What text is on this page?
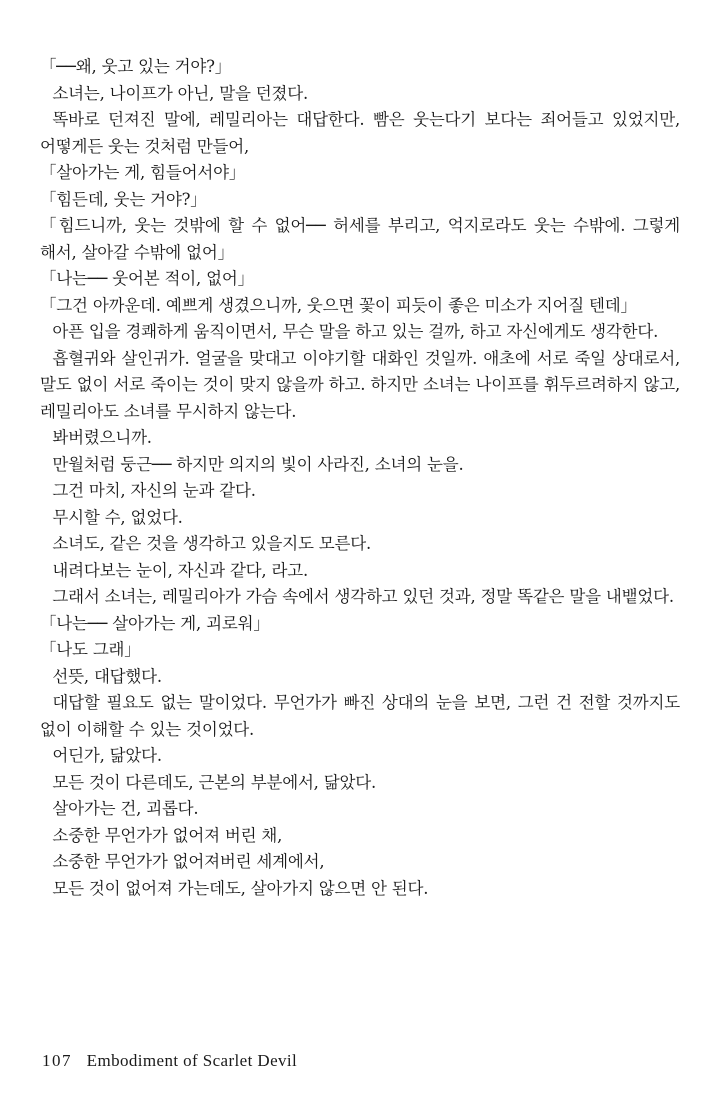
「──왜, 웃고 있는 거야?」

소녀는, 나이프가 아닌, 말을 던졌다.

똑바로 던져진 말에, 레밀리아는 대답한다. 빰은 웃는다기 보다는 죄어들고 있었지만, 어떻게든 웃는 것처럼 만들어,

「살아가는 게, 힘들어서야」

「힘든데, 웃는 거야?」

「힘드니까, 웃는 것밖에 할 수 없어── 허세를 부리고, 억지로라도 웃는 수밖에. 그렇게 해서, 살아갈 수밖에 없어」

「나는── 웃어본 적이, 없어」

「그건 아까운데. 예쁘게 생겼으니까, 웃으면 꽃이 피듯이 좋은 미소가 지어질 텐데」

아픈 입을 경쾌하게 움직이면서, 무슨 말을 하고 있는 걸까, 하고 자신에게도 생각한다.

흡혈귀와 살인귀가. 얼굴을 맞대고 이야기할 대화인 것일까. 애초에 서로 죽일 상대로서, 말도 없이 서로 죽이는 것이 맞지 않을까 하고. 하지만 소녀는 나이프를 휘두르려하지 않고, 레밀리아도 소녀를 무시하지 않는다.

봐버렸으니까.

만월처럼 둥근── 하지만 의지의 빛이 사라진, 소녀의 눈을.

그건 마치, 자신의 눈과 같다.

무시할 수, 없었다.

소녀도, 같은 것을 생각하고 있을지도 모른다.

내려다보는 눈이, 자신과 같다, 라고.

그래서 소녀는, 레밀리아가 가슴 속에서 생각하고 있던 것과, 정말 똑같은 말을 내뱉었다.

「나는── 살아가는 게, 괴로워」

「나도 그래」

선뜻, 대답했다.

대답할 필요도 없는 말이었다. 무언가가 빠진 상대의 눈을 보면, 그런 건 전할 것까지도 없이 이해할 수 있는 것이었다.

어딘가, 닮았다.

모든 것이 다른데도, 근본의 부분에서, 닮았다.

살아가는 건, 괴롭다.

소중한 무언가가 없어져 버린 채,

소중한 무언가가 없어져버린 세계에서,

모든 것이 없어져 가는데도, 살아가지 않으면 안 된다.

107 Embodiment of Scarlet Devil
